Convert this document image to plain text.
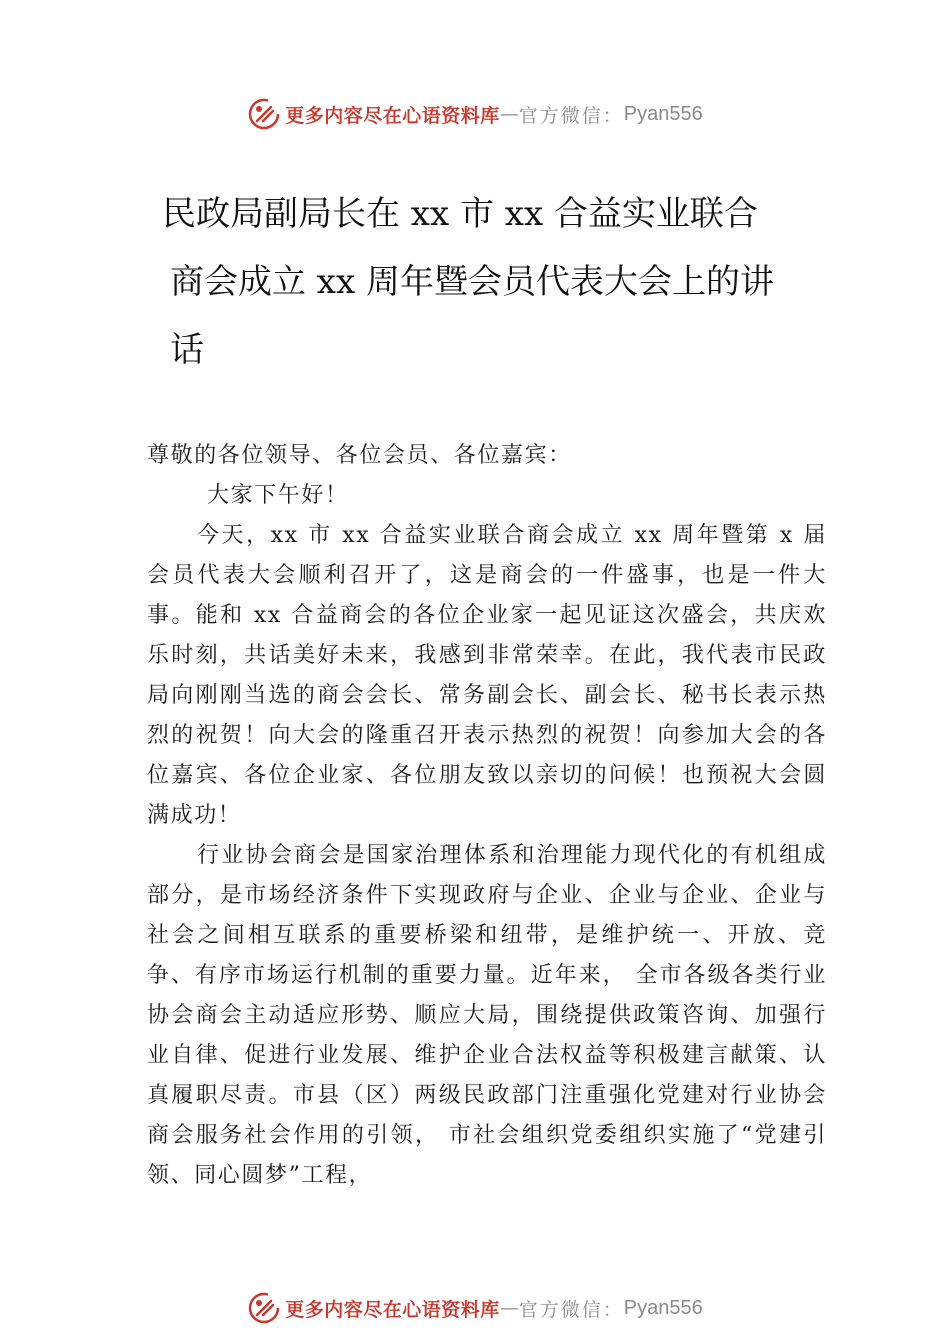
更多内容尽在心语资料库 — 官方微信： Pyan556
民政局副局长在 xx 市 xx 合益实业联合
商会成立 xx 周年暨会员代表大会上的讲
话

尊敬的各位领导、各位会员、各位嘉宾：

大家下午好！

今天，xx 市 xx 合益实业联合商会成立 xx 周年暨第 x 届会员代表大会顺利召开了，这是商会的一件盛事，也是一件大事。能和 xx 合益商会的各位企业家一起见证这次盛会，共庆欢乐时刻，共话美好未来，我感到非常荣幸。在此，我代表市民政局向刚刚当选的商会会长、常务副会长、副会长、秘书长表示热烈的祝贺！向大会的隆重召开表示热烈的祝贺！向参加大会的各位嘉宾、各位企业家、各位朋友致以亲切的问候！也预祝大会圆满成功！

行业协会商会是国家治理体系和治理能力现代化的有机组成部分，是市场经济条件下实现政府与企业、企业与企业、企业与社会之间相互联系的重要桥梁和纽带，是维护统一、开放、竞争、有序市场运行机制的重要力量。近年来， 全市各级各类行业协会商会主动适应形势、顺应大局，围绕提供政策咨询、加强行业自律、促进行业发展、维护企业合法权益等积极建言献策、认真履职尽责。市县（区）两级民政部门注重强化党建对行业协会商会服务社会作用的引领， 市社会组织党委组织实施了“党建引领、同心圆梦”工程，

更多内容尽在心语资料库 — 官方微信： Pyan556
